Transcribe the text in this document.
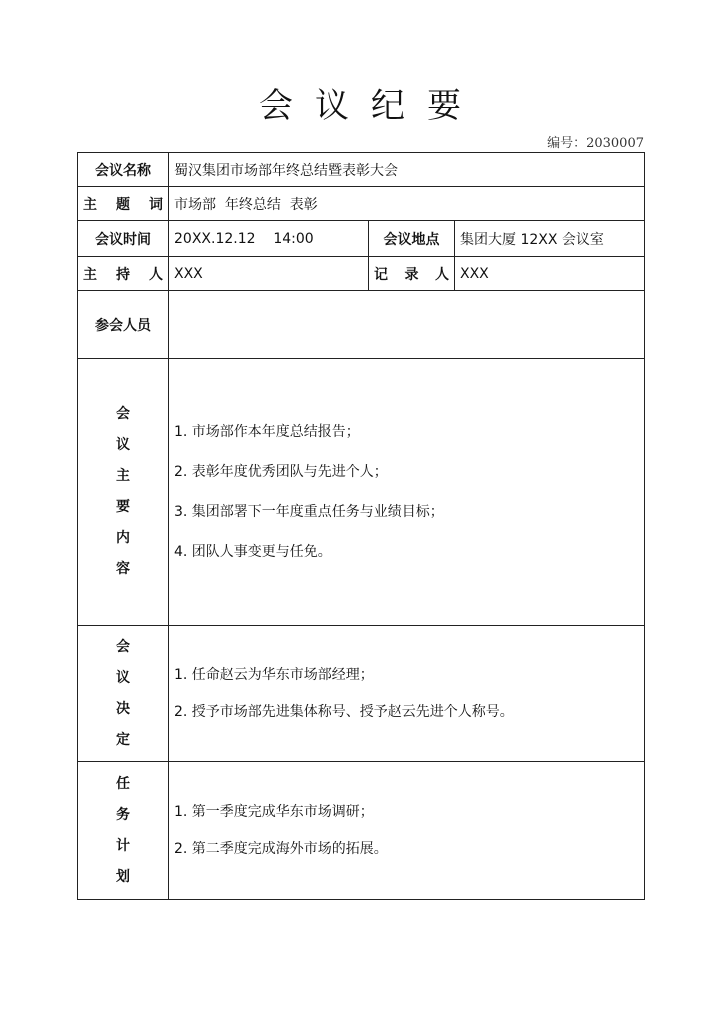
会议纪要
编号：2030007
会议名称	蜀汉集团市场部年终总结暨表彰大会		
主题词	市场部  年终总结  表彰		
会议时间	20XX.12.12    14:00	会议地点	集团大厦 12XX 会议室
主持人	XXX	记录人	XXX
参会人员			
会议主要内容	1. 市场部作本年度总结报告；
2. 表彰年度优秀团队与先进个人；
3. 集团部署下一年度重点任务与业绩目标；
4. 团队人事变更与任免。		

会议决定	1. 任命赵云为华东市场部经理；
2. 授予市场部先进集体称号、授予赵云先进个人称号。		

任务计划	1. 第一季度完成华东市场调研；
2. 第二季度完成海外市场的拓展。		
